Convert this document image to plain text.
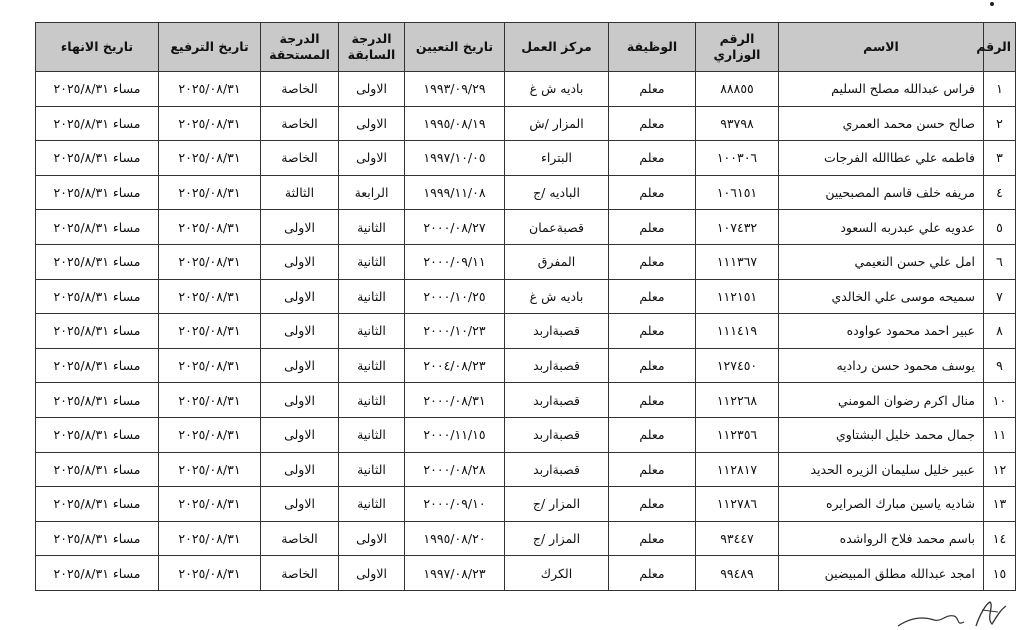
الرقم	الاسم	الرقم الوزاري	الوظيفة	مركز العمل	تاريخ التعيين	الدرجة السابقة	الدرجة المستحقة	تاريخ الترفيع	تاريخ الانهاء
١	فراس عبدالله مصلح السليم	٨٨٨٥٥	معلم	باديه ش غ	١٩٩٣/٠٩/٢٩	الاولى	الخاصة	٢٠٢٥/٠٨/٣١	مساء ٢٠٢٥/٨/٣١
٢	صالح حسن محمد العمري	٩٣٧٩٨	معلم	المزار /ش	١٩٩٥/٠٨/١٩	الاولى	الخاصة	٢٠٢٥/٠٨/٣١	مساء ٢٠٢٥/٨/٣١
٣	فاطمه علي عطاالله الفرجات	١٠٠٣٠٦	معلم	البتراء	١٩٩٧/١٠/٠٥	الاولى	الخاصة	٢٠٢٥/٠٨/٣١	مساء ٢٠٢٥/٨/٣١
٤	مريفه خلف قاسم المصبحيين	١٠٦١٥١	معلم	الباديه /ج	١٩٩٩/١١/٠٨	الرابعة	الثالثة	٢٠٢٥/٠٨/٣١	مساء ٢٠٢٥/٨/٣١
٥	عدويه علي عبدربه السعود	١٠٧٤٣٢	معلم	قصبةعمان	٢٠٠٠/٠٨/٢٧	الثانية	الاولى	٢٠٢٥/٠٨/٣١	مساء ٢٠٢٥/٨/٣١
٦	امل علي حسن النعيمي	١١١٣٦٧	معلم	المفرق	٢٠٠٠/٠٩/١١	الثانية	الاولى	٢٠٢٥/٠٨/٣١	مساء ٢٠٢٥/٨/٣١
٧	سميحه موسى علي الخالدي	١١٢١٥١	معلم	باديه ش غ	٢٠٠٠/١٠/٢٥	الثانية	الاولى	٢٠٢٥/٠٨/٣١	مساء ٢٠٢٥/٨/٣١
٨	عبير احمد محمود عواوده	١١١٤١٩	معلم	قصبةاربد	٢٠٠٠/١٠/٢٣	الثانية	الاولى	٢٠٢٥/٠٨/٣١	مساء ٢٠٢٥/٨/٣١
٩	يوسف محمود حسن رداديه	١٢٧٤٥٠	معلم	قصبةاربد	٢٠٠٤/٠٨/٢٣	الثانية	الاولى	٢٠٢٥/٠٨/٣١	مساء ٢٠٢٥/٨/٣١
١٠	منال اكرم رضوان المومني	١١٢٢٦٨	معلم	قصبةاربد	٢٠٠٠/٠٨/٣١	الثانية	الاولى	٢٠٢٥/٠٨/٣١	مساء ٢٠٢٥/٨/٣١
١١	جمال محمد خليل البشتاوي	١١٢٣٥٦	معلم	قصبةاربد	٢٠٠٠/١١/١٥	الثانية	الاولى	٢٠٢٥/٠٨/٣١	مساء ٢٠٢٥/٨/٣١
١٢	عبير خليل سليمان الزيره الحديد	١١٢٨١٧	معلم	قصبةاربد	٢٠٠٠/٠٨/٢٨	الثانية	الاولى	٢٠٢٥/٠٨/٣١	مساء ٢٠٢٥/٨/٣١
١٣	شاديه ياسين مبارك الصرايره	١١٢٧٨٦	معلم	المزار /ج	٢٠٠٠/٠٩/١٠	الثانية	الاولى	٢٠٢٥/٠٨/٣١	مساء ٢٠٢٥/٨/٣١
١٤	باسم محمد فلاح الرواشده	٩٣٤٤٧	معلم	المزار /ج	١٩٩٥/٠٨/٢٠	الاولى	الخاصة	٢٠٢٥/٠٨/٣١	مساء ٢٠٢٥/٨/٣١
١٥	امجد عبدالله مطلق المبيضين	٩٩٤٨٩	معلم	الكرك	١٩٩٧/٠٨/٢٣	الاولى	الخاصة	٢٠٢٥/٠٨/٣١	مساء ٢٠٢٥/٨/٣١
